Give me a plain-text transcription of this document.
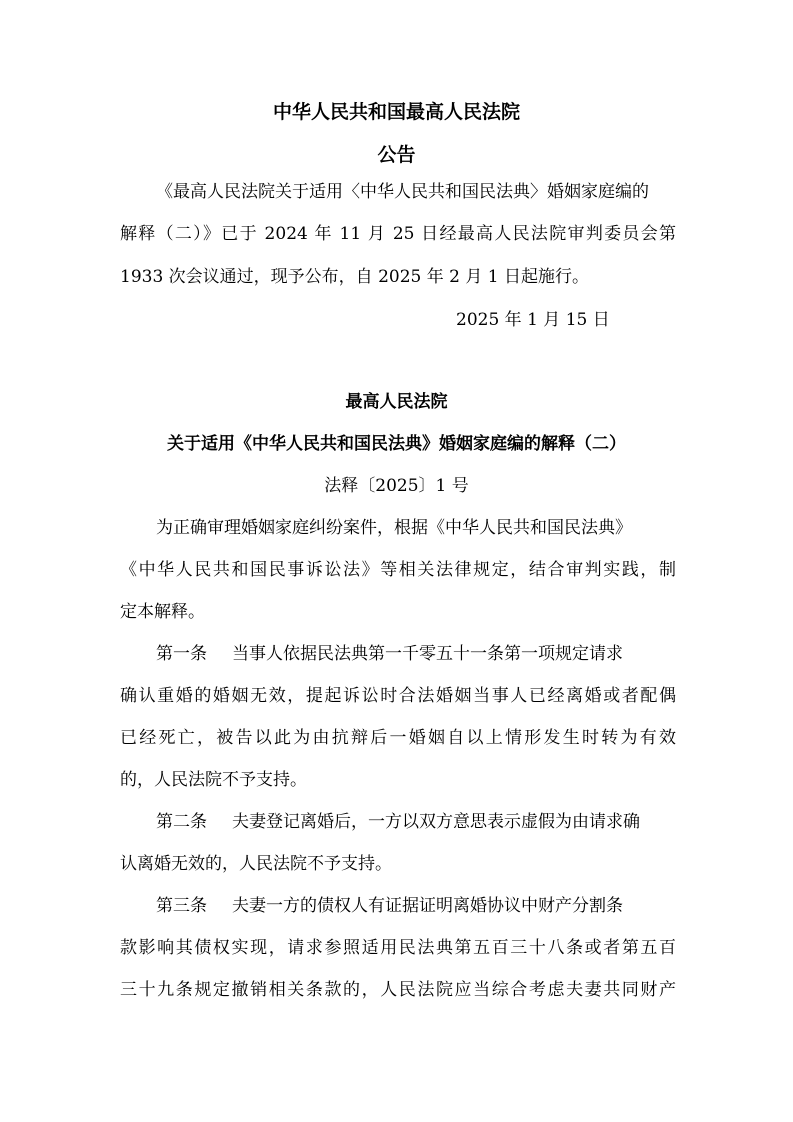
中华人民共和国最高人民法院
公告
《最高人民法院关于适用〈中华人民共和国民法典〉婚姻家庭编的
解释（二）》已于 2024 年 11 月 25 日经最高人民法院审判委员会第
1933 次会议通过，现予公布，自 2025 年 2 月 1 日起施行。
2025 年 1 月 15 日
最高人民法院
关于适用《中华人民共和国民法典》婚姻家庭编的解释（二）
法释〔2025〕1 号
为正确审理婚姻家庭纠纷案件，根据《中华人民共和国民法典》
《中华人民共和国民事诉讼法》等相关法律规定，结合审判实践，制
定本解释。
第一条 当事人依据民法典第一千零五十一条第一项规定请求
确认重婚的婚姻无效，提起诉讼时合法婚姻当事人已经离婚或者配偶
已经死亡，被告以此为由抗辩后一婚姻自以上情形发生时转为有效
的，人民法院不予支持。
第二条 夫妻登记离婚后，一方以双方意思表示虚假为由请求确
认离婚无效的，人民法院不予支持。
第三条 夫妻一方的债权人有证据证明离婚协议中财产分割条
款影响其债权实现，请求参照适用民法典第五百三十八条或者第五百
三十九条规定撤销相关条款的，人民法院应当综合考虑夫妻共同财产
